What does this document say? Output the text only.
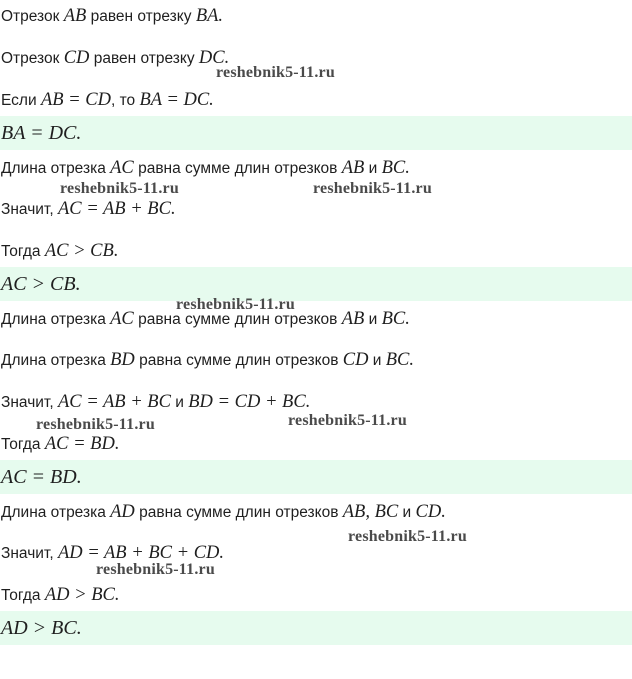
Отрезок AB равен отрезку BA.
Отрезок CD равен отрезку DC.
Если AB = CD, то BA = DC.
BA = DC.
Длина отрезка AC равна сумме длин отрезков AB и BC.
Значит, AC = AB + BC.
Тогда AC > CB.
AC > CB.
Длина отрезка AC равна сумме длин отрезков AB и BC.
Длина отрезка BD равна сумме длин отрезков CD и BC.
Значит, AC = AB + BC и BD = CD + BC.
Тогда AC = BD.
AC = BD.
Длина отрезка AD равна сумме длин отрезков AB, BC и CD.
Значит, AD = AB + BC + CD.
Тогда AD > BC.
AD > BC.
reshebnik5-11.ru
reshebnik5-11.ru	reshebnik5-11.ru
reshebnik5-11.ru
reshebnik5-11.ru	reshebnik5-11.ru
reshebnik5-11.ru
reshebnik5-11.ru
